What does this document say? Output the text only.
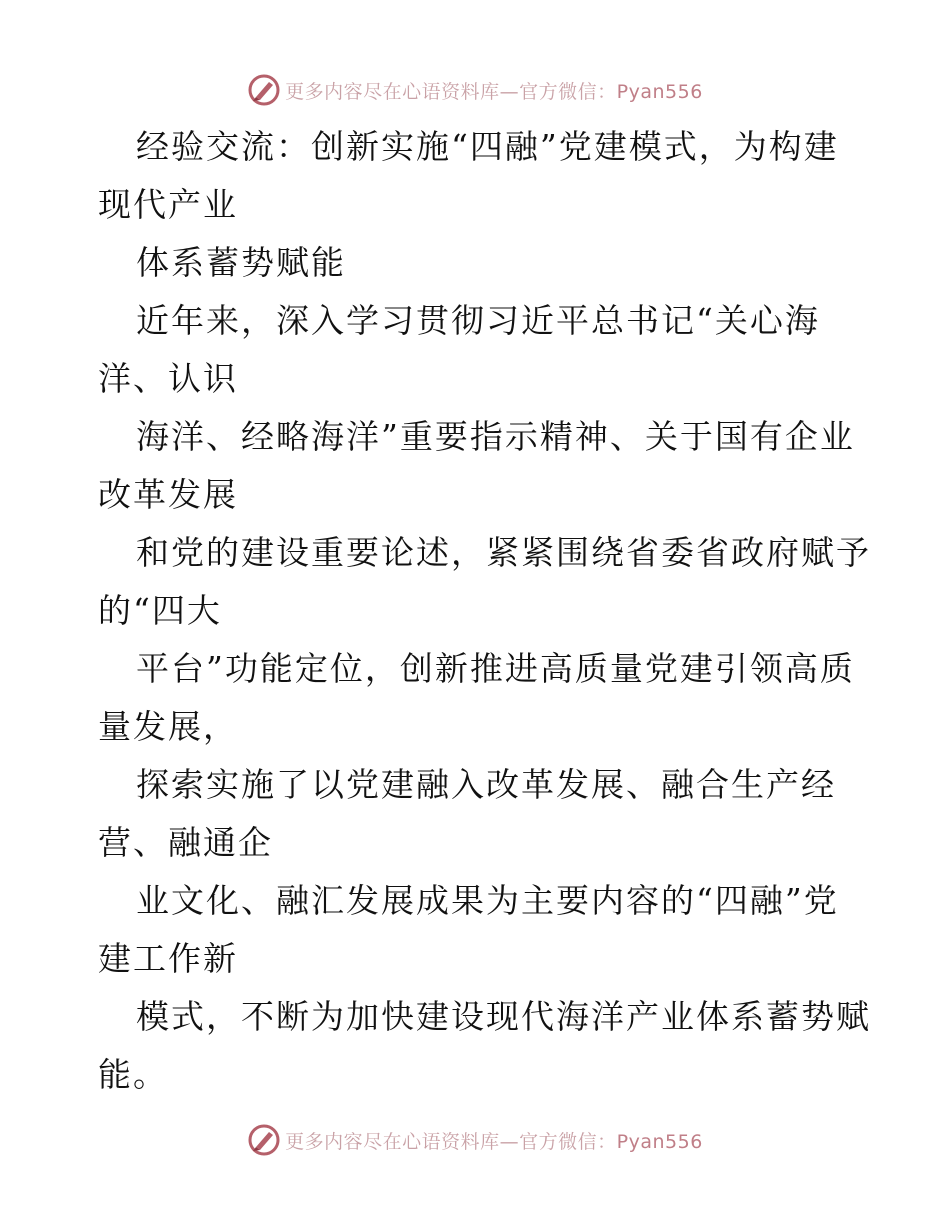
更多内容尽在心语资料库—官方微信：Pyan556
经验交流：创新实施“四融”党建模式，为构建
现代产业
体系蓄势赋能
近年来，深入学习贯彻习近平总书记“关心海
洋、认识
海洋、经略海洋”重要指示精神、关于国有企业
改革发展
和党的建设重要论述，紧紧围绕省委省政府赋予
的“四大
平台”功能定位，创新推进高质量党建引领高质
量发展，
探索实施了以党建融入改革发展、融合生产经
营、融通企
业文化、融汇发展成果为主要内容的“四融”党
建工作新
模式，不断为加快建设现代海洋产业体系蓄势赋
能。
更多内容尽在心语资料库—官方微信：Pyan556
